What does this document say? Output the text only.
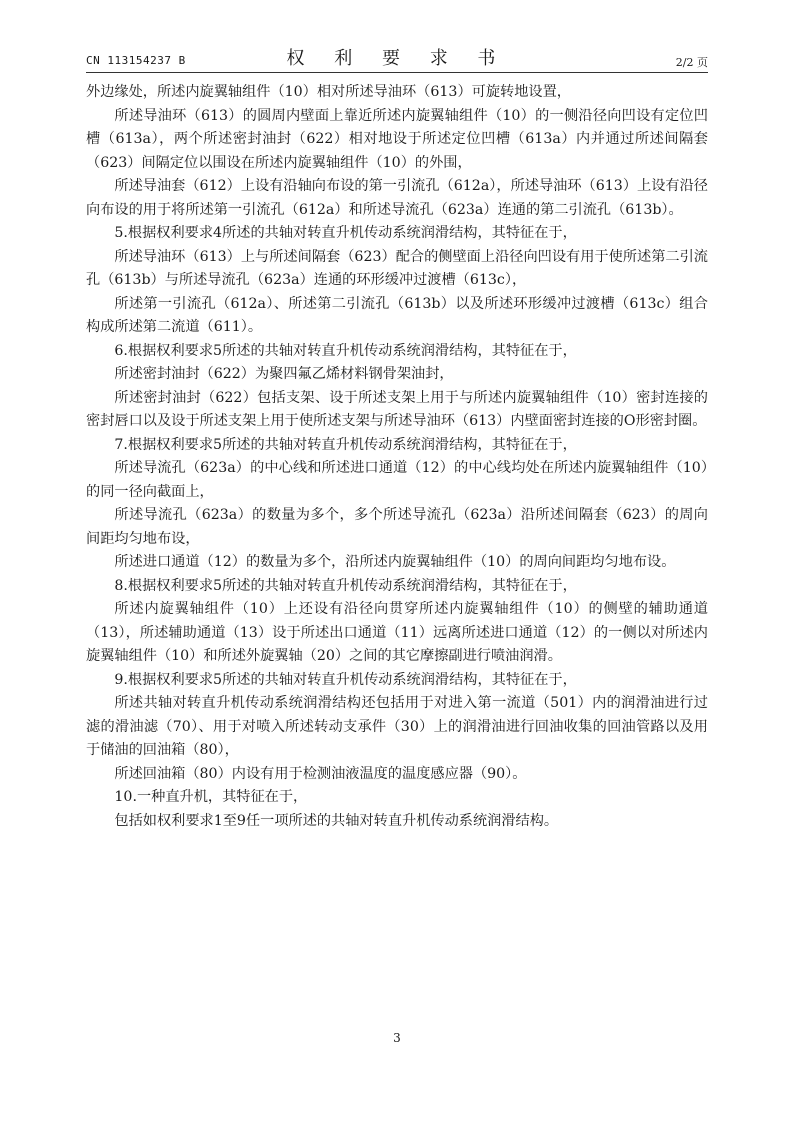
CN 113154237 B	权 利 要 求 书	2/2 页

外边缘处，所述内旋翼轴组件（10）相对所述导油环（613）可旋转地设置，

所述导油环（613）的圆周内壁面上靠近所述内旋翼轴组件（10）的一侧沿径向凹设有定位凹槽（613a），两个所述密封油封（622）相对地设于所述定位凹槽（613a）内并通过所述间隔套（623）间隔定位以围设在所述内旋翼轴组件（10）的外围，

所述导油套（612）上设有沿轴向布设的第一引流孔（612a），所述导油环（613）上设有沿径向布设的用于将所述第一引流孔（612a）和所述导流孔（623a）连通的第二引流孔（613b）。

5.根据权利要求4所述的共轴对转直升机传动系统润滑结构，其特征在于，

所述导油环（613）上与所述间隔套（623）配合的侧壁面上沿径向凹设有用于使所述第二引流孔（613b）与所述导流孔（623a）连通的环形缓冲过渡槽（613c），

所述第一引流孔（612a）、所述第二引流孔（613b）以及所述环形缓冲过渡槽（613c）组合构成所述第二流道（611）。

6.根据权利要求5所述的共轴对转直升机传动系统润滑结构，其特征在于，

所述密封油封（622）为聚四氟乙烯材料钢骨架油封，

所述密封油封（622）包括支架、设于所述支架上用于与所述内旋翼轴组件（10）密封连接的密封唇口以及设于所述支架上用于使所述支架与所述导油环（613）内壁面密封连接的O形密封圈。

7.根据权利要求5所述的共轴对转直升机传动系统润滑结构，其特征在于，

所述导流孔（623a）的中心线和所述进口通道（12）的中心线均处在所述内旋翼轴组件（10）的同一径向截面上，

所述导流孔（623a）的数量为多个，多个所述导流孔（623a）沿所述间隔套（623）的周向间距均匀地布设，

所述进口通道（12）的数量为多个，沿所述内旋翼轴组件（10）的周向间距均匀地布设。

8.根据权利要求5所述的共轴对转直升机传动系统润滑结构，其特征在于，

所述内旋翼轴组件（10）上还设有沿径向贯穿所述内旋翼轴组件（10）的侧壁的辅助通道（13），所述辅助通道（13）设于所述出口通道（11）远离所述进口通道（12）的一侧以对所述内旋翼轴组件（10）和所述外旋翼轴（20）之间的其它摩擦副进行喷油润滑。

9.根据权利要求5所述的共轴对转直升机传动系统润滑结构，其特征在于，

所述共轴对转直升机传动系统润滑结构还包括用于对进入第一流道（501）内的润滑油进行过滤的滑油滤（70）、用于对喷入所述转动支承件（30）上的润滑油进行回油收集的回油管路以及用于储油的回油箱（80），

所述回油箱（80）内设有用于检测油液温度的温度感应器（90）。

10.一种直升机，其特征在于，

包括如权利要求1至9任一项所述的共轴对转直升机传动系统润滑结构。

3
